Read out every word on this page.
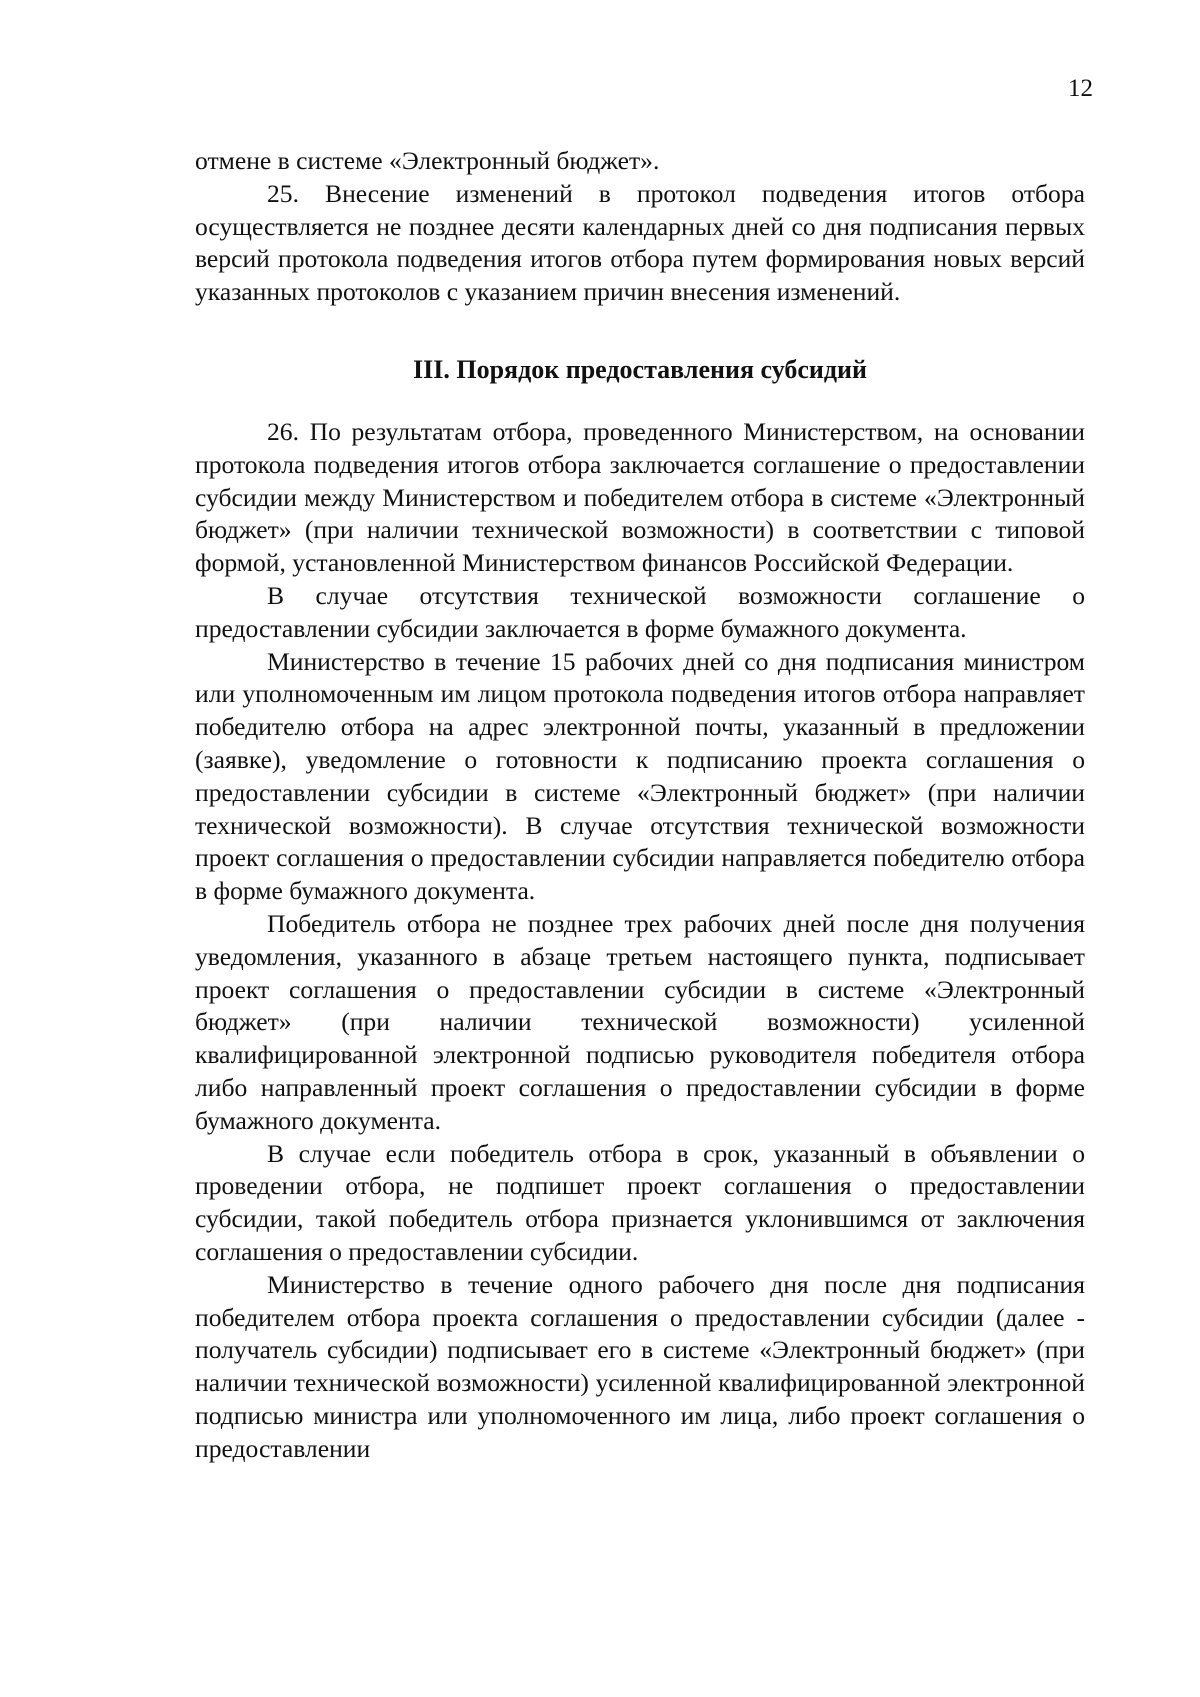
12

отмене в системе «Электронный бюджет».

25. Внесение изменений в протокол подведения итогов отбора осуществляется не позднее десяти календарных дней со дня подписания первых версий протокола подведения итогов отбора путем формирования новых версий указанных протоколов с указанием причин внесения изменений.

III. Порядок предоставления субсидий

26. По результатам отбора, проведенного Министерством, на основании протокола подведения итогов отбора заключается соглашение о предоставлении субсидии между Министерством и победителем отбора в системе «Электронный бюджет» (при наличии технической возможности) в соответствии с типовой формой, установленной Министерством финансов Российской Федерации.

В случае отсутствия технической возможности соглашение о предоставлении субсидии заключается в форме бумажного документа.

Министерство в течение 15 рабочих дней со дня подписания министром или уполномоченным им лицом протокола подведения итогов отбора направляет победителю отбора на адрес электронной почты, указанный в предложении (заявке), уведомление о готовности к подписанию проекта соглашения о предоставлении субсидии в системе «Электронный бюджет» (при наличии технической возможности). В случае отсутствия технической возможности проект соглашения о предоставлении субсидии направляется победителю отбора в форме бумажного документа.

Победитель отбора не позднее трех рабочих дней после дня получения уведомления, указанного в абзаце третьем настоящего пункта, подписывает проект соглашения о предоставлении субсидии в системе «Электронный бюджет» (при наличии технической возможности) усиленной квалифицированной электронной подписью руководителя победителя отбора либо направленный проект соглашения о предоставлении субсидии в форме бумажного документа.

В случае если победитель отбора в срок, указанный в объявлении о проведении отбора, не подпишет проект соглашения о предоставлении субсидии, такой победитель отбора признается уклонившимся от заключения соглашения о предоставлении субсидии.

Министерство в течение одного рабочего дня после дня подписания победителем отбора проекта соглашения о предоставлении субсидии (далее - получатель субсидии) подписывает его в системе «Электронный бюджет» (при наличии технической возможности) усиленной квалифицированной электронной подписью министра или уполномоченного им лица, либо проект соглашения о предоставлении
